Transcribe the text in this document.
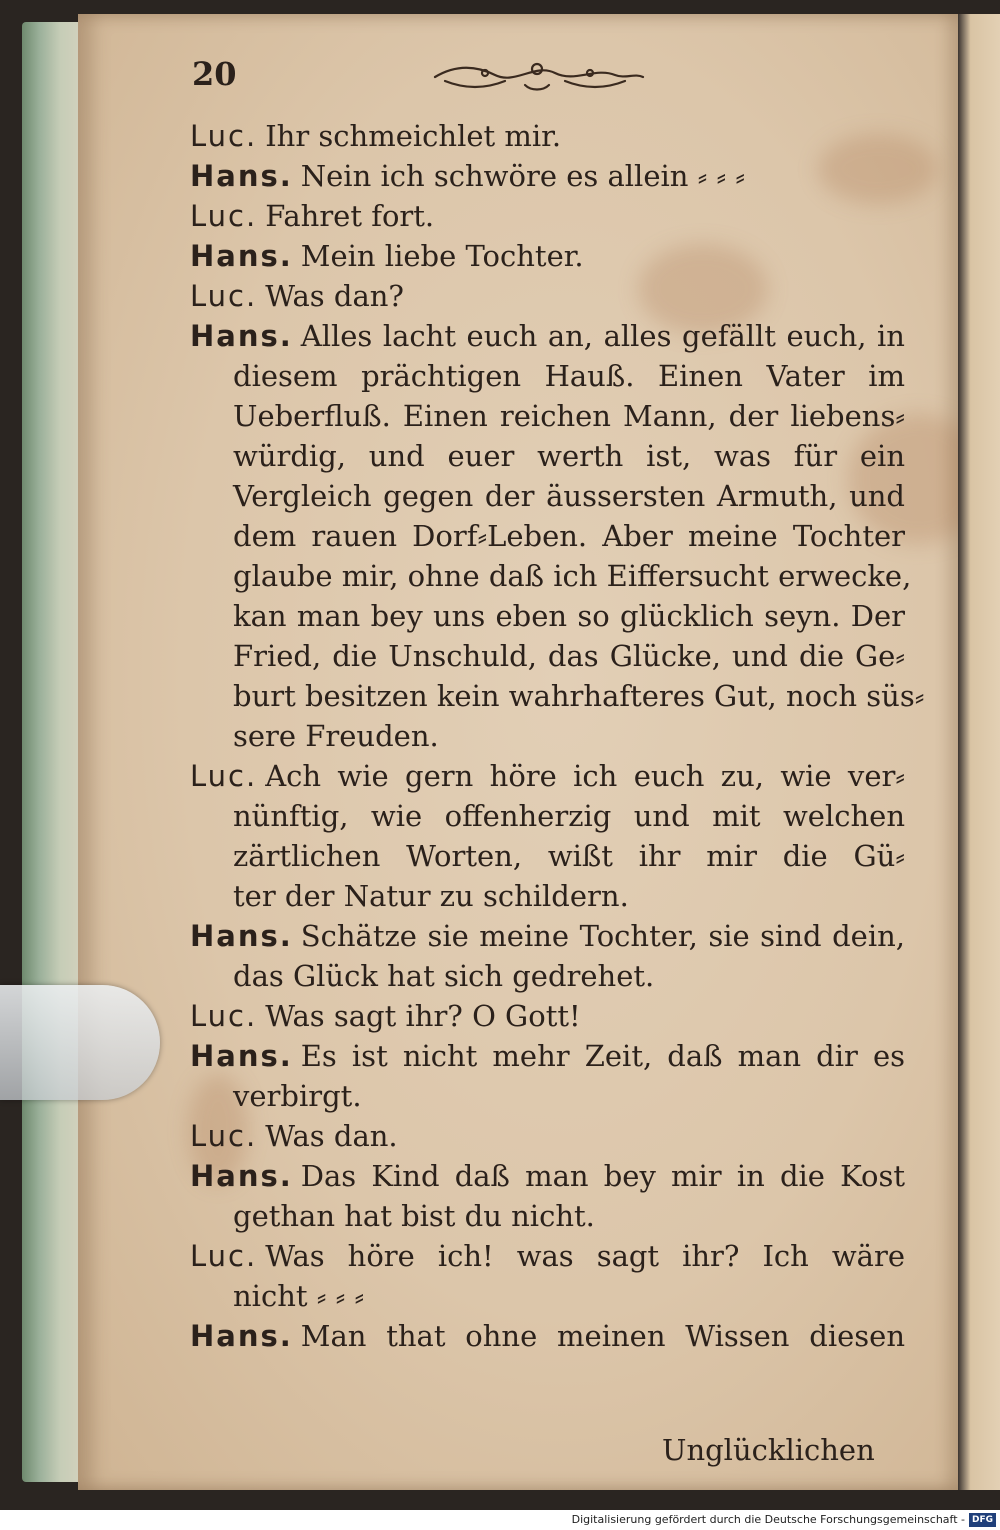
20
Luc. Ihr schmeichlet mir.
Hans. Nein ich schwöre es allein ⸗ ⸗ ⸗
Luc. Fahret fort.
Hans. Mein liebe Tochter.
Luc. Was dan?
Hans. Alles lacht euch an, alles gefällt euch, in
diesem prächtigen Hauß. Einen Vater im
Ueberfluß. Einen reichen Mann, der liebens⸗
würdig, und euer werth ist, was für ein
Vergleich gegen der äussersten Armuth, und
dem rauen Dorf⸗Leben. Aber meine Tochter
glaube mir, ohne daß ich Eiffersucht erwecke,
kan man bey uns eben so glücklich seyn. Der
Fried, die Unschuld, das Glücke, und die Ge⸗
burt besitzen kein wahrhafteres Gut, noch süs⸗
sere Freuden.
Luc. Ach wie gern höre ich euch zu, wie ver⸗
nünftig, wie offenherzig und mit welchen
zärtlichen Worten, wißt ihr mir die Gü⸗
ter der Natur zu schildern.
Hans. Schätze sie meine Tochter, sie sind dein,
das Glück hat sich gedrehet.
Luc. Was sagt ihr? O Gott!
Hans. Es ist nicht mehr Zeit, daß man dir es
verbirgt.
Luc. Was dan.
Hans. Das Kind daß man bey mir in die Kost
gethan hat bist du nicht.
Luc. Was höre ich! was sagt ihr? Ich wäre
nicht ⸗ ⸗ ⸗
Hans. Man that ohne meinen Wissen diesen
Unglücklichen
Digitalisierung gefördert durch die Deutsche Forschungsgemeinschaft - DFG
